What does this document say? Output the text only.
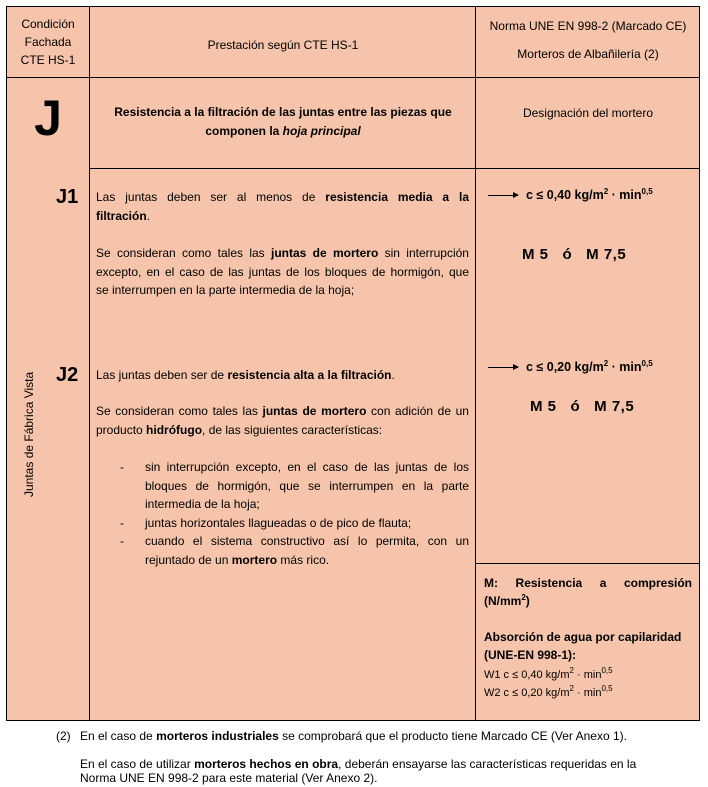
Condición
Fachada
CTE HS-1
Prestación según CTE HS-1
Norma UNE EN 998-2 (Marcado CE)
Morteros de Albañilería (2)
J	Resistencia a la filtración de las juntas entre las piezas que
componen la hoja principal
Designación del mortero
Juntas de Fábrica Vista
J1 Las juntas deben ser al menos de resistencia media a la
filtración.
Se consideran como tales las juntas de mortero sin interrupción
excepto, en el caso de las juntas de los bloques de hormigón, que
se interrumpen en la parte intermedia de la hoja;
c ≤ 0,40 $kg/m^2 \cdot \min^{0,5}$
M 5   ó   M 7,5
J2 Las juntas deben ser de resistencia alta a la filtración.
Se consideran como tales las juntas de mortero con adición de un
producto hidrófugo, de las siguientes características:
- sin interrupción excepto, en el caso de las juntas de los
bloques de hormigón, que se interrumpen en la parte
intermedia de la hoja;
- juntas horizontales llagueadas o de pico de flauta;
- cuando el sistema constructivo así lo permita, con un
rejuntado de un mortero más rico.
c ≤ 0,20 $kg/m^2 \cdot \min^{0,5}$
M 5   ó   M 7,5
M: Resistencia a compresión
$(N/mm^2)$
Absorción de agua por capilaridad
(UNE-EN 998-1):
W1 c ≤ 0,40 $kg/m^2 \cdot \min^{0,5}$
W2 c ≤ 0,20 $kg/m^2 \cdot \min^{0,5}$
(2) En el caso de morteros industriales se comprobará que el producto tiene Marcado CE (Ver Anexo 1).
En el caso de utilizar morteros hechos en obra, deberán ensayarse las características requeridas en la
Norma UNE EN 998-2 para este material (Ver Anexo 2).
